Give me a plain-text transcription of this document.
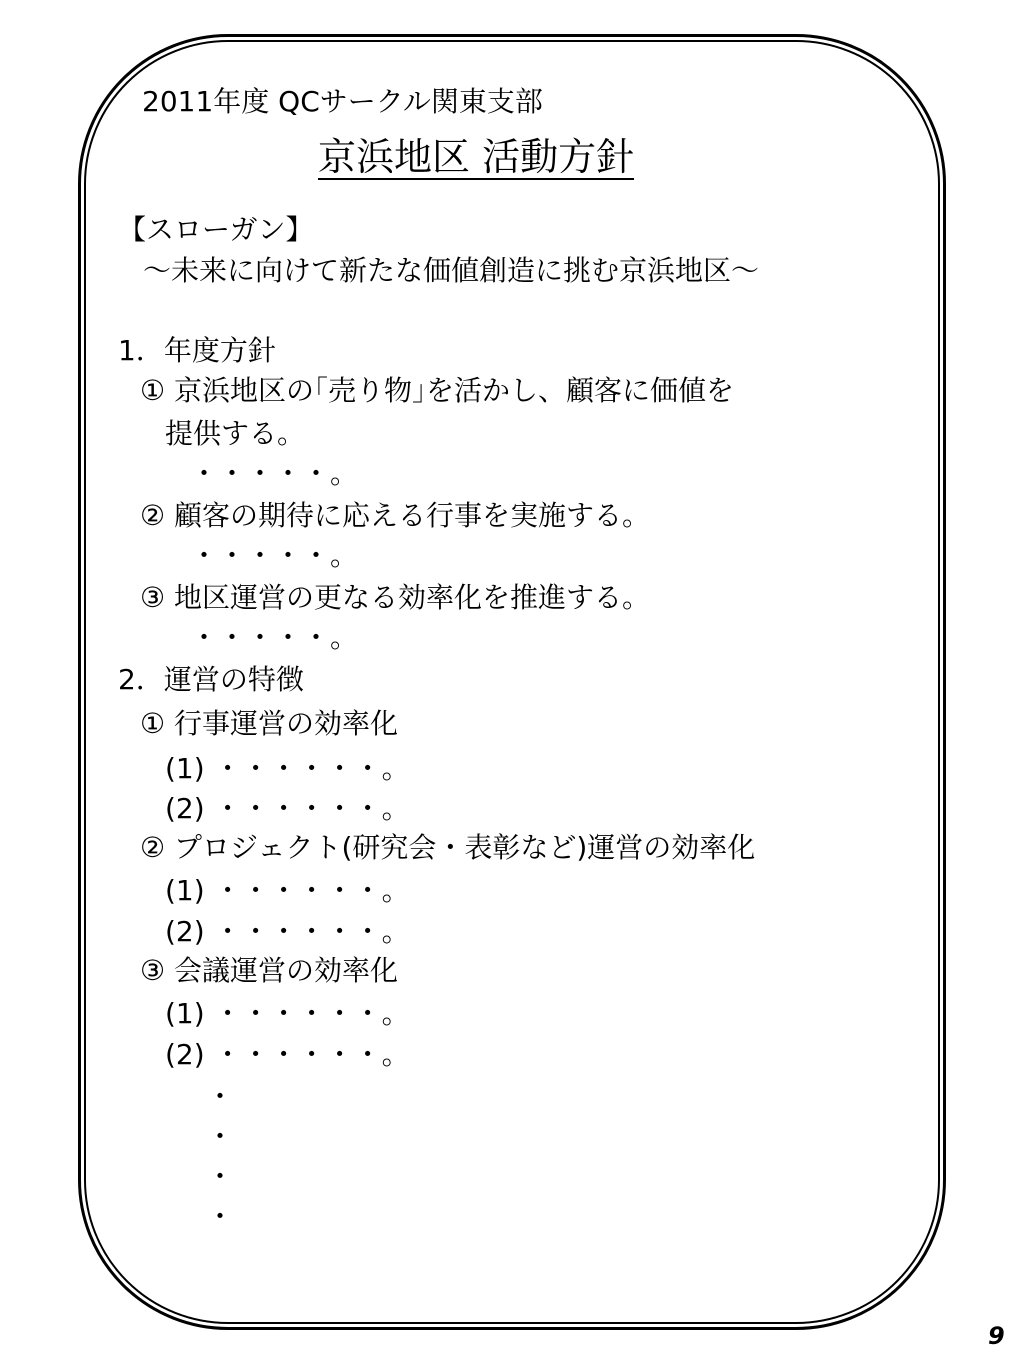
2011年度 QCサークル関東支部
京浜地区 活動方針
【スローガン】
～未来に向けて新たな価値創造に挑む京浜地区～
1．年度方針
① 京浜地区の｢売り物｣を活かし、顧客に価値を
提供する。
・・・・・。
② 顧客の期待に応える行事を実施する。
・・・・・。
③ 地区運営の更なる効率化を推進する。
・・・・・。
2．運営の特徴
① 行事運営の効率化
(1) ・・・・・・。
(2) ・・・・・・。
② プロジェクト(研究会・表彰など)運営の効率化
(1) ・・・・・・。
(2) ・・・・・・。
③ 会議運営の効率化
(1) ・・・・・・。
(2) ・・・・・・。
・
・
・
・
9
